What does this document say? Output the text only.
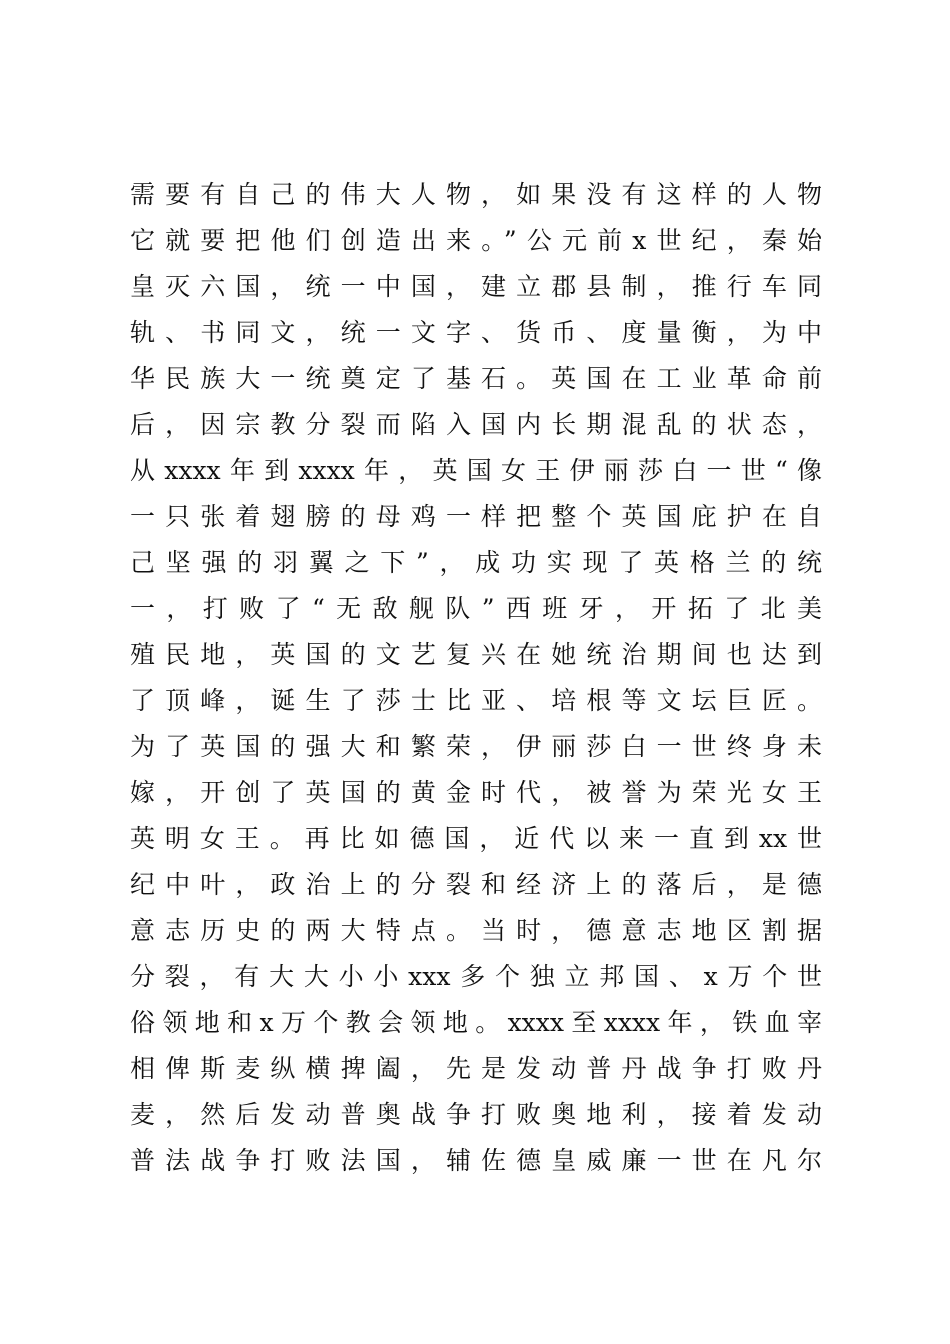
需要有自己的伟大人物，如果没有这样的人物
它就要把他们创造出来。”公元前x世纪，秦始
皇灭六国，统一中国，建立郡县制，推行车同
轨、书同文，统一文字、货币、度量衡，为中
华民族大一统奠定了基石。英国在工业革命前
后，因宗教分裂而陷入国内长期混乱的状态，
从xxxx年到xxxx年，英国女王伊丽莎白一世“像
一只张着翅膀的母鸡一样把整个英国庇护在自
己坚强的羽翼之下”，成功实现了英格兰的统
一，打败了“无敌舰队”西班牙，开拓了北美
殖民地，英国的文艺复兴在她统治期间也达到
了顶峰，诞生了莎士比亚、培根等文坛巨匠。
为了英国的强大和繁荣，伊丽莎白一世终身未
嫁，开创了英国的黄金时代，被誉为荣光女王
英明女王。再比如德国，近代以来一直到xx世
纪中叶，政治上的分裂和经济上的落后，是德
意志历史的两大特点。当时，德意志地区割据
分裂，有大大小小xxx多个独立邦国、x万个世
俗领地和x万个教会领地。xxxx至xxxx年，铁血宰
相俾斯麦纵横捭阖，先是发动普丹战争打败丹
麦，然后发动普奥战争打败奥地利，接着发动
普法战争打败法国，辅佐德皇威廉一世在凡尔
